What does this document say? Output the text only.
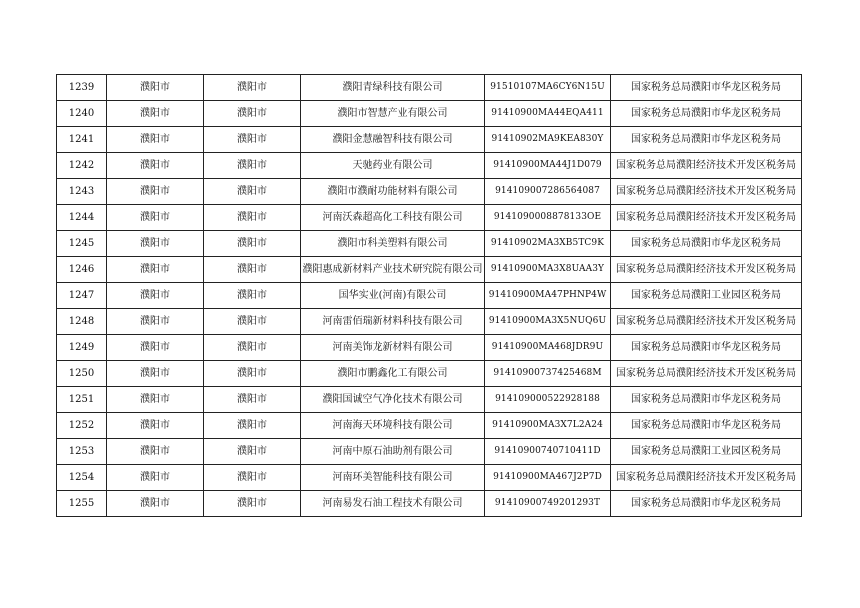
1239	濮阳市	濮阳市	濮阳青绿科技有限公司	91510107MA6CY6N15U	国家税务总局濮阳市华龙区税务局
1240	濮阳市	濮阳市	濮阳市智慧产业有限公司	91410900MA44EQA411	国家税务总局濮阳市华龙区税务局
1241	濮阳市	濮阳市	濮阳金慧融智科技有限公司	91410902MA9KEA830Y	国家税务总局濮阳市华龙区税务局
1242	濮阳市	濮阳市	天驰药业有限公司	91410900MA44J1D079	国家税务总局濮阳经济技术开发区税务局
1243	濮阳市	濮阳市	濮阳市濮耐功能材料有限公司	914109007286564087	国家税务总局濮阳经济技术开发区税务局
1244	濮阳市	濮阳市	河南沃森超高化工科技有限公司	9141090008878133OE	国家税务总局濮阳经济技术开发区税务局
1245	濮阳市	濮阳市	濮阳市科美塑料有限公司	91410902MA3XB5TC9K	国家税务总局濮阳市华龙区税务局
1246	濮阳市	濮阳市	濮阳惠成新材料产业技术研究院有限公司	91410900MA3X8UAA3Y	国家税务总局濮阳经济技术开发区税务局
1247	濮阳市	濮阳市	国华实业(河南)有限公司	91410900MA47PHNP4W	国家税务总局濮阳工业园区税务局
1248	濮阳市	濮阳市	河南雷佰瑞新材料科技有限公司	91410900MA3X5NUQ6U	国家税务总局濮阳经济技术开发区税务局
1249	濮阳市	濮阳市	河南美饰龙新材料有限公司	91410900MA468JDR9U	国家税务总局濮阳市华龙区税务局
1250	濮阳市	濮阳市	濮阳市鹏鑫化工有限公司	91410900737425468M	国家税务总局濮阳经济技术开发区税务局
1251	濮阳市	濮阳市	濮阳国诚空气净化技术有限公司	914109000522928188	国家税务总局濮阳市华龙区税务局
1252	濮阳市	濮阳市	河南海天环境科技有限公司	91410900MA3X7L2A24	国家税务总局濮阳市华龙区税务局
1253	濮阳市	濮阳市	河南中原石油助剂有限公司	91410900740710411D	国家税务总局濮阳工业园区税务局
1254	濮阳市	濮阳市	河南环美智能科技有限公司	91410900MA467J2P7D	国家税务总局濮阳经济技术开发区税务局
1255	濮阳市	濮阳市	河南易发石油工程技术有限公司	91410900749201293T	国家税务总局濮阳市华龙区税务局
